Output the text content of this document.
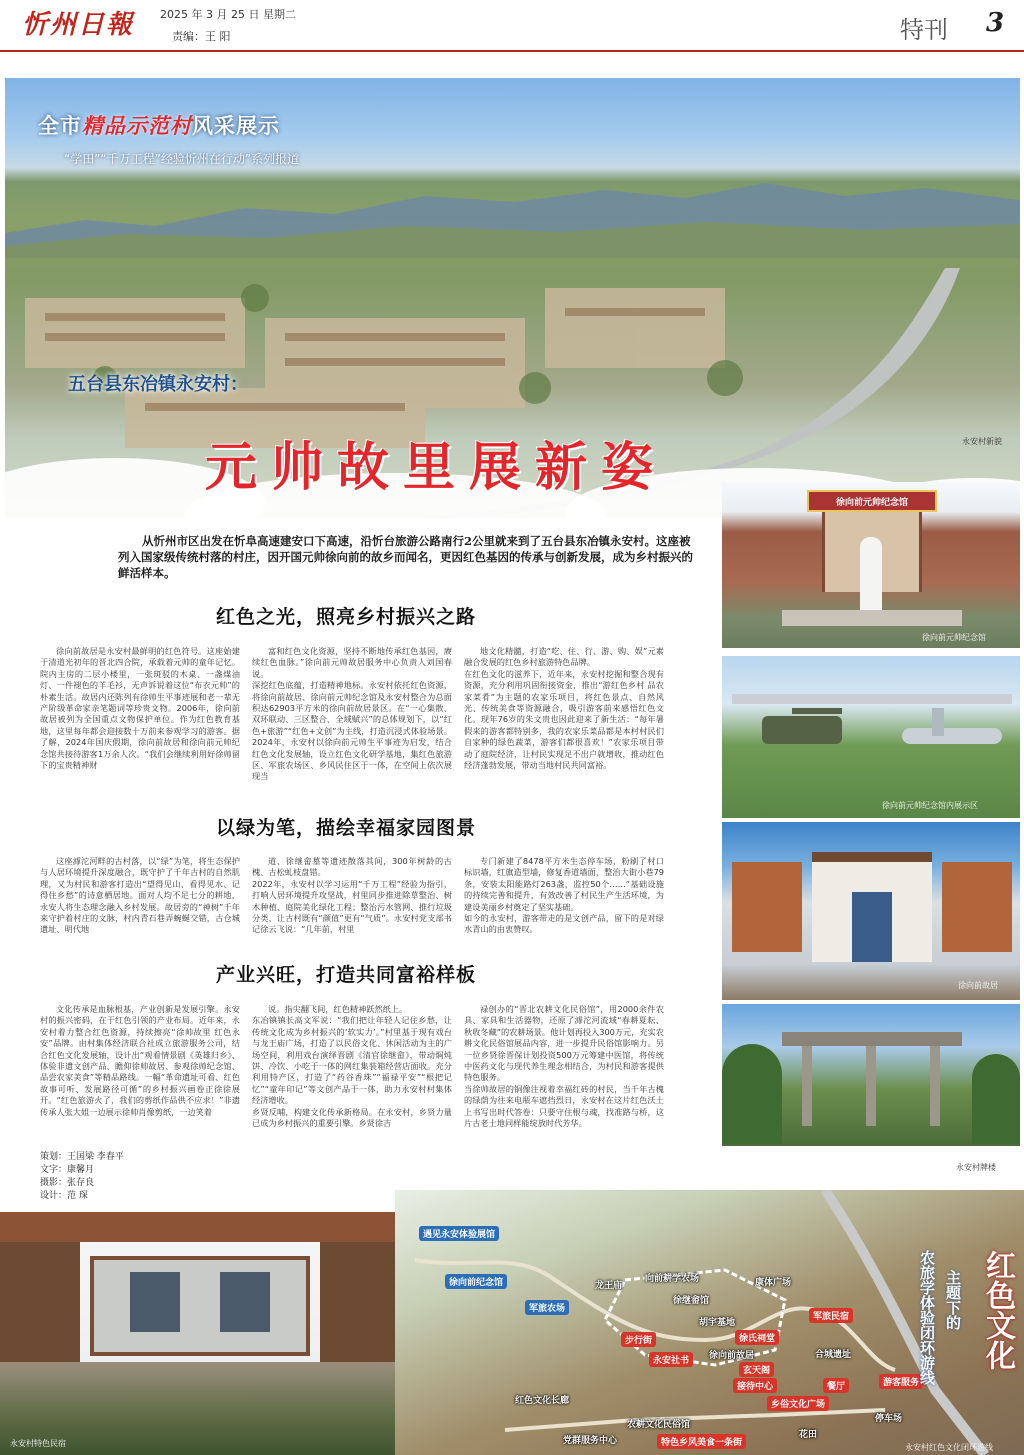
忻州日報 2025 年 3 月 25 日 星期二
责编：王 阳	特刊 3
全市精品示范村风采展示
“学田”“千万工程”经验忻州在行动”系列报道
五台县东冶镇永安村：
元帅故里展新姿	永安村新貌
从忻州市区出发在忻阜高速建安口下高速，沿忻台旅游公路南行2公里就来到了五台县东冶镇永安村。这座被列入国家级传统村落的村庄，因开国元帅徐向前的故乡而闻名，更因红色基因的传承与创新发展，成为乡村振兴的鲜活样本。
红色之光，照亮乡村振兴之路
徐向前故居是永安村最鲜明的红色符号。这座始建于清道光初年的晋北四合院，承载着元帅的童年记忆。院内主房的二层小楼里，一张斑驳的木桌、一盏煤油灯、一件褪色的羊毛衫，无声诉说着这位“布衣元帅”的朴素生活。故居内还陈列有徐帅生平事迹展和老一辈无产阶级革命家亲笔题词等珍贵文物。2006年，徐向前故居被列为全国重点文物保护单位。作为红色教育基地，这里每年都会迎接数十万前来参观学习的游客。据了解，2024年国庆假期，徐向前故居和徐向前元帅纪念馆共接待游客1万余人次。“我们会继续利用好徐帅留下的宝贵精神财
富和红色文化资源，坚持不断地传承红色基因，赓续红色血脉。”徐向前元帅故居服务中心负责人刘国春说。
深挖红色底蕴，打造精神地标。永安村依托红色资源，将徐向前故居、徐向前元帅纪念馆及永安村整合为总面积达62903平方米的徐向前故居景区。在“一心集散、双环联动、三区整合、全域赋兴”的总体规划下，以“红色+旅游”“红色+文创”为主线，打造沉浸式体验场景。2024年，永安村以徐向前元帅生平事迹为启发，结合红色文化发展轴，设立红色文化研学基地，集红色旅游区、军旅农场区、乡风民住区于一体，在空间上依次展现当
地文化精髓，打造“吃、住、行、游、购、娱”元素融合发展的红色乡村旅游特色品牌。
在红色文化的滋养下，近年来，永安村挖掘和整合现有资源，充分利用巩固衔接资金，推出“游红色乡村 品农家菜肴”为主题的农家乐项目，将红色景点、自然风光、传统美食等资源融合，吸引游客前来感悟红色文化。现年76岁的朱文贵也因此迎来了新生活：“每年暑假来的游客都特别多，我的农家乐菜品都是本村村民们自家种的绿色蔬菜，游客们都很喜欢！”农家乐项目带动了庭院经济，让村民实现足不出户就增收，推动红色经济蓬勃发展，带动当地村民共同富裕。
以绿为笔，描绘幸福家园图景
这座滹沱河畔的古村落，以“绿”为笔，将生态保护与人居环境提升深度融合，既守护了千年古村的自然肌理，又为村民和游客打造出“望得见山、看得见水、记得住乡愁”的诗意栖居地。面对人均不足七分的耕地，永安人将生态理念融入乡村发展。故居旁的“神树”千年来守护着村庄的文脉，村内青石巷弄蜿蜒交错，古仓城遗址、明代地
道、徐继畲墓等遗迹散落其间，300年树龄的古槐、古松虬枝盘错。
2022年，永安村以学习运用“千万工程”经验为指引，打响人居环境提升攻坚战，村里同步推进除草整治、树木种植、庭院美化绿化工程；整治污水管网、推行垃圾分类，让古村既有“颜值”更有“气质”。永安村党支部书记徐云飞说：“几年前，村里
专门新建了8478平方米生态停车场，粉刷了村口标识墙，红旗造型墙，修复香道墙面，整治大街小巷79条，安装太阳能路灯263盏，监控50个……”基础设施的持续完善和提升，有效改善了村民生产生活环境，为建设美丽乡村奠定了坚实基础。
如今的永安村，游客带走的是文创产品，留下的是对绿水青山的由衷赞叹。
产业兴旺，打造共同富裕样板
文化传承是血脉根基，产业创新是发展引擎。永安村的振兴密码，在于红色引领的产业布局。近年来，永安村着力整合红色资源，持续擦亮“徐帅故里 红色永安”品牌。由村集体经济联合社成立旅游服务公司，结合红色文化发展轴，设计出“观看情景剧《英雄归乡》、体验非遗文创产品、瞻仰徐帅故居、参观徐帅纪念馆、品尝农家美食”等精品路线。一幅“革命遗址可看、红色故事可听、发展路径可循”的乡村振兴画卷正徐徐展开。“红色旅游火了，我们的剪纸作品供不应求！”非遗传承人张大姐一边展示徐帅肖像剪纸，一边笑着
说。指尖翻飞间，红色精神跃然纸上。
东冶镇镇长高文军说：“我们把让年轻人记住乡愁，让传统文化成为乡村振兴的‘软实力’。”村里基于现有戏台与龙王庙广场，打造了以民俗文化、休闲活动为主的广场空间，利用戏台演绎晋剧《清官徐继畲》，带动焖炖饼、冷饮、小吃于一体的网红集装箱经营店面收。充分利用特产区，打造了“药谷香珠”“福禄平安”“根把记忆”“童年印记”等文创产品于一体，助力永安村村集体经济增收。
乡贤反哺，构建文化传承新格局。在永安村，乡贤力量已成为乡村振兴的重要引擎。乡贤徐吉
禄创办的“晋北农耕文化民俗馆”，用2000余件农具、家具和生活器物，还原了滹沱河流域“春耕夏耘、秋收冬藏”的农耕场景。他计划再投入300万元，充实农耕文化民俗馆展品内容，进一步提升民俗馆影响力。另一位乡贤徐晋保计划投资500万元筹建中医馆，将传统中医药文化与现代养生理念相结合，为村民和游客提供特色服务。
当徐帅故居的铜像注视着幸福红砖的村民，当千年古槐的绿荫为往来电瓶车遮挡烈日，永安村在这片红色沃土上书写出时代答卷：只要守住根与魂，找准路与桥，这片古老土地同样能绽放时代芳华。
徐向前元帅纪念馆
徐向前元帅纪念馆
徐向前元帅纪念馆内展示区
徐向前故居
永安村牌楼
策划：王国梁 李春平
文字：康馨月
摄影：张存良
设计：范 琛
永安村特色民宿
遇见永安体验展馆
徐向前纪念馆
军旅农场
龙王庙
向前耕学农场	康体广场
徐继畲馆
胡宇基地
军旅民宿
永安社书
徐氏祠堂
徐向前故居
玄天阁
接待中心	餐厅
合城遗址
乡俗文化广场
游客服务
红色文化长廊
农耕文化民俗馆
党群服务中心	特色乡风美食一条街
花田
停车场
步行街	红色文化
主题下的
农旅学体验闭环游线
永安村红色文化闭环游线
